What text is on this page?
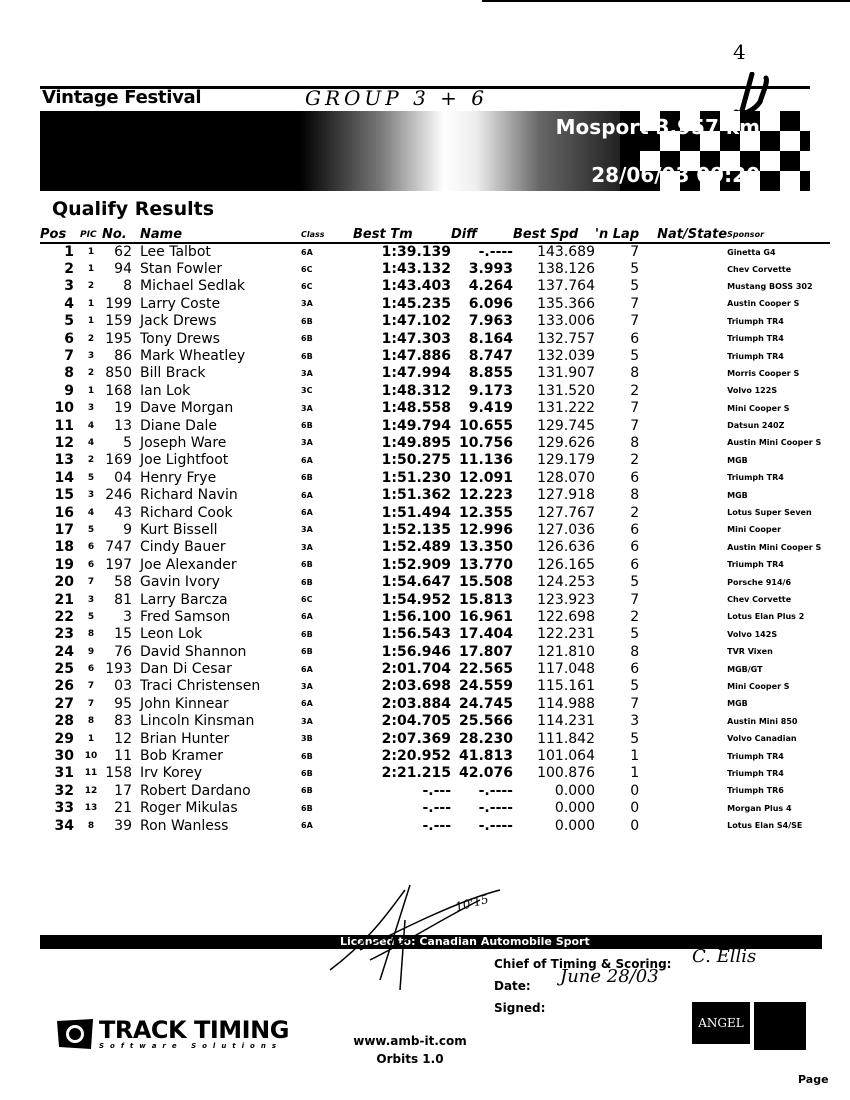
4
Vintage Festival	GROUP 3 + 6
Mosport 3.957 km
28/06/03 09:20
Qualify Results
Pos	PIC	No.	Name	Class	Best Tm	Diff	Best Spd	'n Lap	Nat/State	Sponsor
1	1	62	Lee Talbot	6A	1:39.139	-.----	143.689	7		Ginetta G4
2	1	94	Stan Fowler	6C	1:43.132	3.993	138.126	5		Chev Corvette
3	2	8	Michael Sedlak	6C	1:43.403	4.264	137.764	5		Mustang BOSS 302
4	1	199	Larry Coste	3A	1:45.235	6.096	135.366	7		Austin Cooper S
5	1	159	Jack Drews	6B	1:47.102	7.963	133.006	7		Triumph TR4
6	2	195	Tony Drews	6B	1:47.303	8.164	132.757	6		Triumph TR4
7	3	86	Mark Wheatley	6B	1:47.886	8.747	132.039	5		Triumph TR4
8	2	850	Bill Brack	3A	1:47.994	8.855	131.907	8		Morris Cooper S
9	1	168	Ian Lok	3C	1:48.312	9.173	131.520	2		Volvo 122S
10	3	19	Dave Morgan	3A	1:48.558	9.419	131.222	7		Mini Cooper S
11	4	13	Diane Dale	6B	1:49.794	10.655	129.745	7		Datsun 240Z
12	4	5	Joseph Ware	3A	1:49.895	10.756	129.626	8		Austin Mini Cooper S
13	2	169	Joe Lightfoot	6A	1:50.275	11.136	129.179	2		MGB
14	5	04	Henry Frye	6B	1:51.230	12.091	128.070	6		Triumph TR4
15	3	246	Richard Navin	6A	1:51.362	12.223	127.918	8		MGB
16	4	43	Richard Cook	6A	1:51.494	12.355	127.767	2		Lotus Super Seven
17	5	9	Kurt Bissell	3A	1:52.135	12.996	127.036	6		Mini Cooper
18	6	747	Cindy Bauer	3A	1:52.489	13.350	126.636	6		Austin Mini Cooper S
19	6	197	Joe Alexander	6B	1:52.909	13.770	126.165	6		Triumph TR4
20	7	58	Gavin Ivory	6B	1:54.647	15.508	124.253	5		Porsche 914/6
21	3	81	Larry Barcza	6C	1:54.952	15.813	123.923	7		Chev Corvette
22	5	3	Fred Samson	6A	1:56.100	16.961	122.698	2		Lotus Elan Plus 2
23	8	15	Leon Lok	6B	1:56.543	17.404	122.231	5		Volvo 142S
24	9	76	David Shannon	6B	1:56.946	17.807	121.810	8		TVR Vixen
25	6	193	Dan Di Cesar	6A	2:01.704	22.565	117.048	6		MGB/GT
26	7	03	Traci Christensen	3A	2:03.698	24.559	115.161	5		Mini Cooper S
27	7	95	John Kinnear	6A	2:03.884	24.745	114.988	7		MGB
28	8	83	Lincoln Kinsman	3A	2:04.705	25.566	114.231	3		Austin Mini 850
29	1	12	Brian Hunter	3B	2:07.369	28.230	111.842	5		Volvo Canadian
30	10	11	Bob Kramer	6B	2:20.952	41.813	101.064	1		Triumph TR4
31	11	158	Irv Korey	6B	2:21.215	42.076	100.876	1		Triumph TR4
32	12	17	Robert Dardano	6B	-.---	-.----	0.000	0		Triumph TR6
33	13	21	Roger Mikulas	6B	-.---	-.----	0.000	0		Morgan Plus 4
34	8	39	Ron Wanless	6A	-.---	-.----	0.000	0		Lotus Elan S4/SE
Licensed to: Canadian Automobile Sport
10'15
Chief of Timing & Scoring:
Date:
Signed:
C. Ellis
June 28/03
TRACK TIMING
Software Solutions	www.amb-it.com
Orbits 1.0
ANGEL
Page
